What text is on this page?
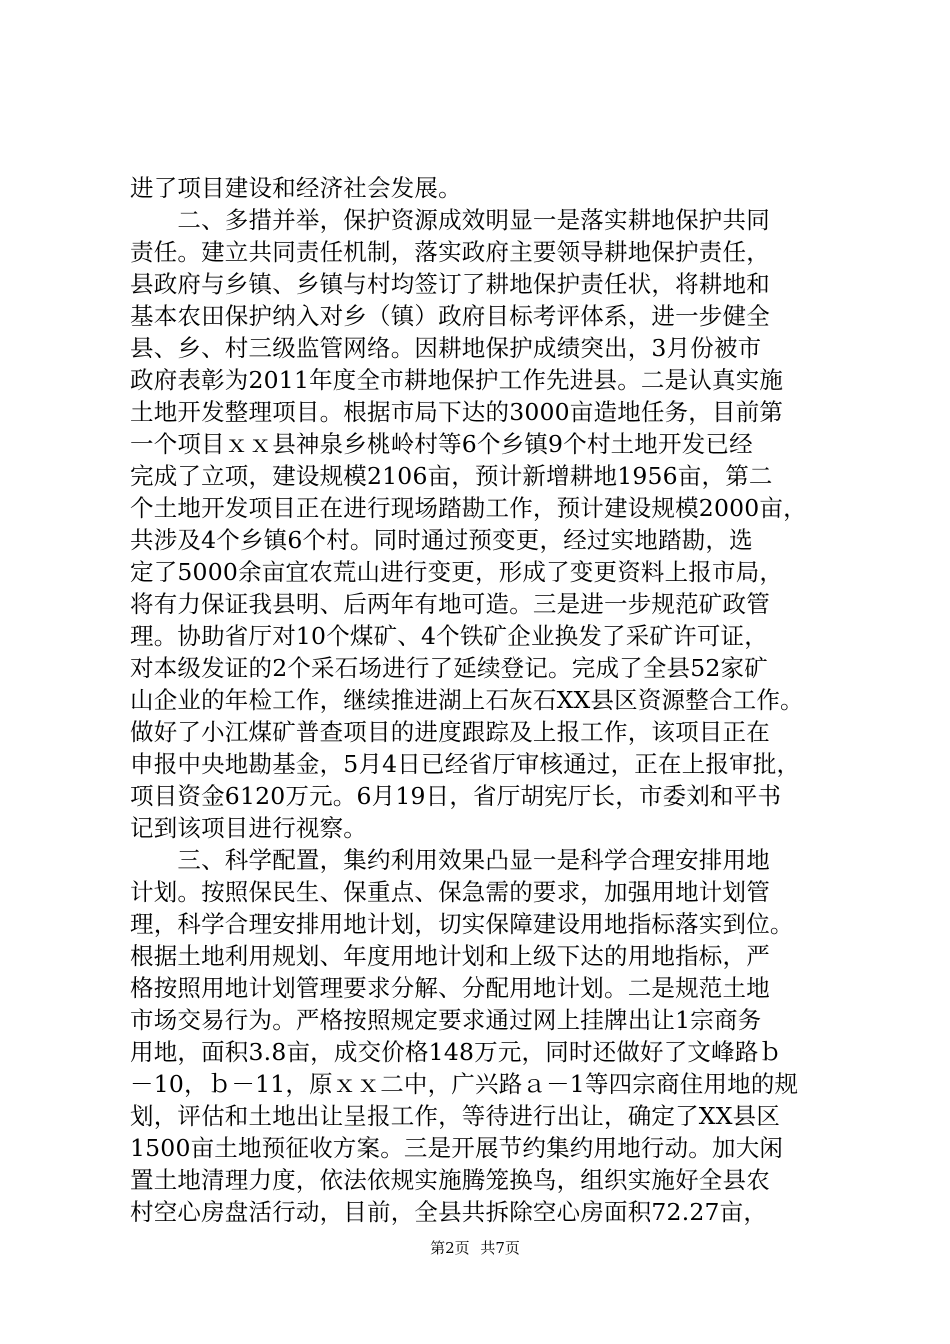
进了项目建设和经济社会发展。
　　二、多措并举，保护资源成效明显一是落实耕地保护共同
责任。建立共同责任机制，落实政府主要领导耕地保护责任，
县政府与乡镇、乡镇与村均签订了耕地保护责任状，将耕地和
基本农田保护纳入对乡（镇）政府目标考评体系，进一步健全
县、乡、村三级监管网络。因耕地保护成绩突出，3月份被市
政府表彰为2011年度全市耕地保护工作先进县。二是认真实施
土地开发整理项目。根据市局下达的3000亩造地任务，目前第
一个项目ｘｘ县神泉乡桃岭村等6个乡镇9个村土地开发已经
完成了立项，建设规模2106亩，预计新增耕地1956亩，第二
个土地开发项目正在进行现场踏勘工作，预计建设规模2000亩，
共涉及4个乡镇6个村。同时通过预变更，经过实地踏勘，选
定了5000余亩宜农荒山进行变更，形成了变更资料上报市局，
将有力保证我县明、后两年有地可造。三是进一步规范矿政管
理。协助省厅对10个煤矿、4个铁矿企业换发了采矿许可证，
对本级发证的2个采石场进行了延续登记。完成了全县52家矿
山企业的年检工作，继续推进湖上石灰石XX县区资源整合工作。
做好了小江煤矿普查项目的进度跟踪及上报工作，该项目正在
申报中央地勘基金，5月4日已经省厅审核通过，正在上报审批，
项目资金6120万元。6月19日，省厅胡宪厅长，市委刘和平书
记到该项目进行视察。
　　三、科学配置，集约利用效果凸显一是科学合理安排用地
计划。按照保民生、保重点、保急需的要求，加强用地计划管
理，科学合理安排用地计划，切实保障建设用地指标落实到位。
根据土地利用规划、年度用地计划和上级下达的用地指标，严
格按照用地计划管理要求分解、分配用地计划。二是规范土地
市场交易行为。严格按照规定要求通过网上挂牌出让1宗商务
用地，面积3.8亩，成交价格148万元，同时还做好了文峰路ｂ
－10，ｂ－11，原ｘｘ二中，广兴路ａ－1等四宗商住用地的规
划，评估和土地出让呈报工作，等待进行出让，确定了XX县区
1500亩土地预征收方案。三是开展节约集约用地行动。加大闲
置土地清理力度，依法依规实施腾笼换鸟，组织实施好全县农
村空心房盘活行动，目前，全县共拆除空心房面积72.27亩，
第2页 共7页
